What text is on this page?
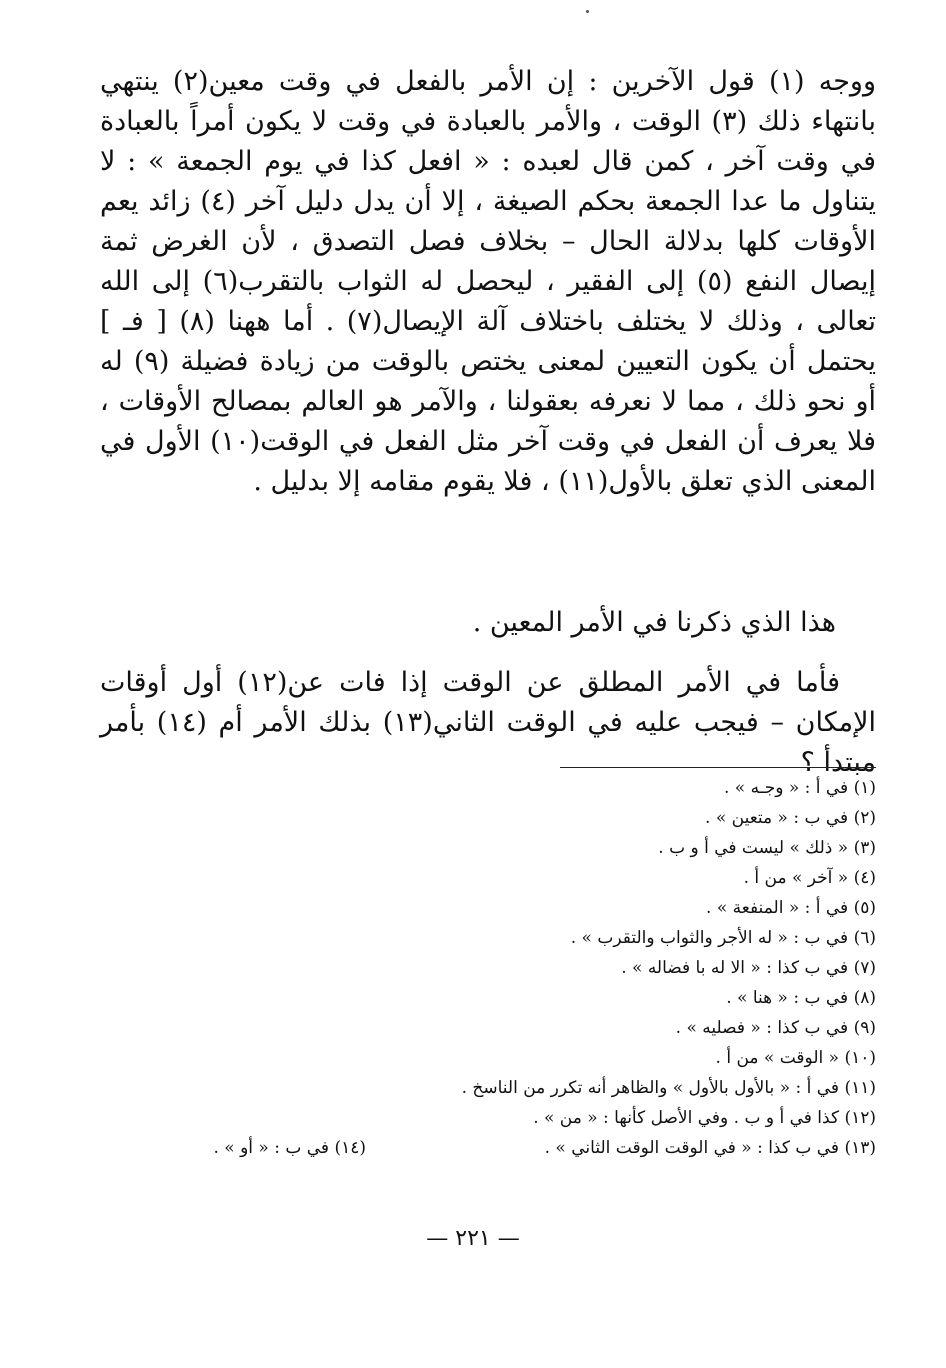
ووجه (١) قول الآخرين : إن الأمر بالفعل في وقت معين(٢) ينتهي بانتهاء ذلك (٣) الوقت ، والأمر بالعبادة في وقت لا يكون أمراً بالعبادة في وقت آخر ، كمن قال لعبده : « افعل كذا في يوم الجمعة » : لا يتناول ما عدا الجمعة بحكم الصيغة ، إلا أن يدل دليل آخر (٤) زائد يعم الأوقات كلها بدلالة الحال – بخلاف فصل التصدق ، لأن الغرض ثمة إيصال النفع (٥) إلى الفقير ، ليحصل له الثواب بالتقرب(٦) إلى الله تعالى ، وذلك لا يختلف باختلاف آلة الإيصال(٧) . أما ههنا (٨) [ فـ ] يحتمل أن يكون التعيين لمعنى يختص بالوقت من زيادة فضيلة (٩) له أو نحو ذلك ، مما لا نعرفه بعقولنا ، والآمر هو العالم بمصالح الأوقات ، فلا يعرف أن الفعل في وقت آخر مثل الفعل في الوقت(١٠) الأول في المعنى الذي تعلق بالأول(١١) ، فلا يقوم مقامه إلا بدليل .

هذا الذي ذكرنا في الأمر المعين .

فأما في الأمر المطلق عن الوقت إذا فات عن(١٢) أول أوقات الإمكان – فيجب عليه في الوقت الثاني(١٣) بذلك الأمر أم (١٤) بأمر مبتدأ ؟

(١) في أ : « وجـه » .
(٢) في ب : « متعين » .
(٣) « ذلك » ليست في أ و ب .
(٤) « آخر » من أ .
(٥) في أ : « المنفعة » .
(٦) في ب : « له الأجر والثواب والتقرب » .
(٧) في ب كذا : « الا له با فضاله » .
(٨) في ب : « هنا » .
(٩) في ب كذا : « فصليه » .
(١٠) « الوقت » من أ .
(١١) في أ : « بالأول بالأول » والظاهر أنه تكرر من الناسخ .
(١٢) كذا في أ و ب . وفي الأصل كأنها : « من » .
(١٣) في ب كذا : « في الوقت الوقت الثاني » .
(١٤) في ب : « أو » .
— ٢٢١ —
